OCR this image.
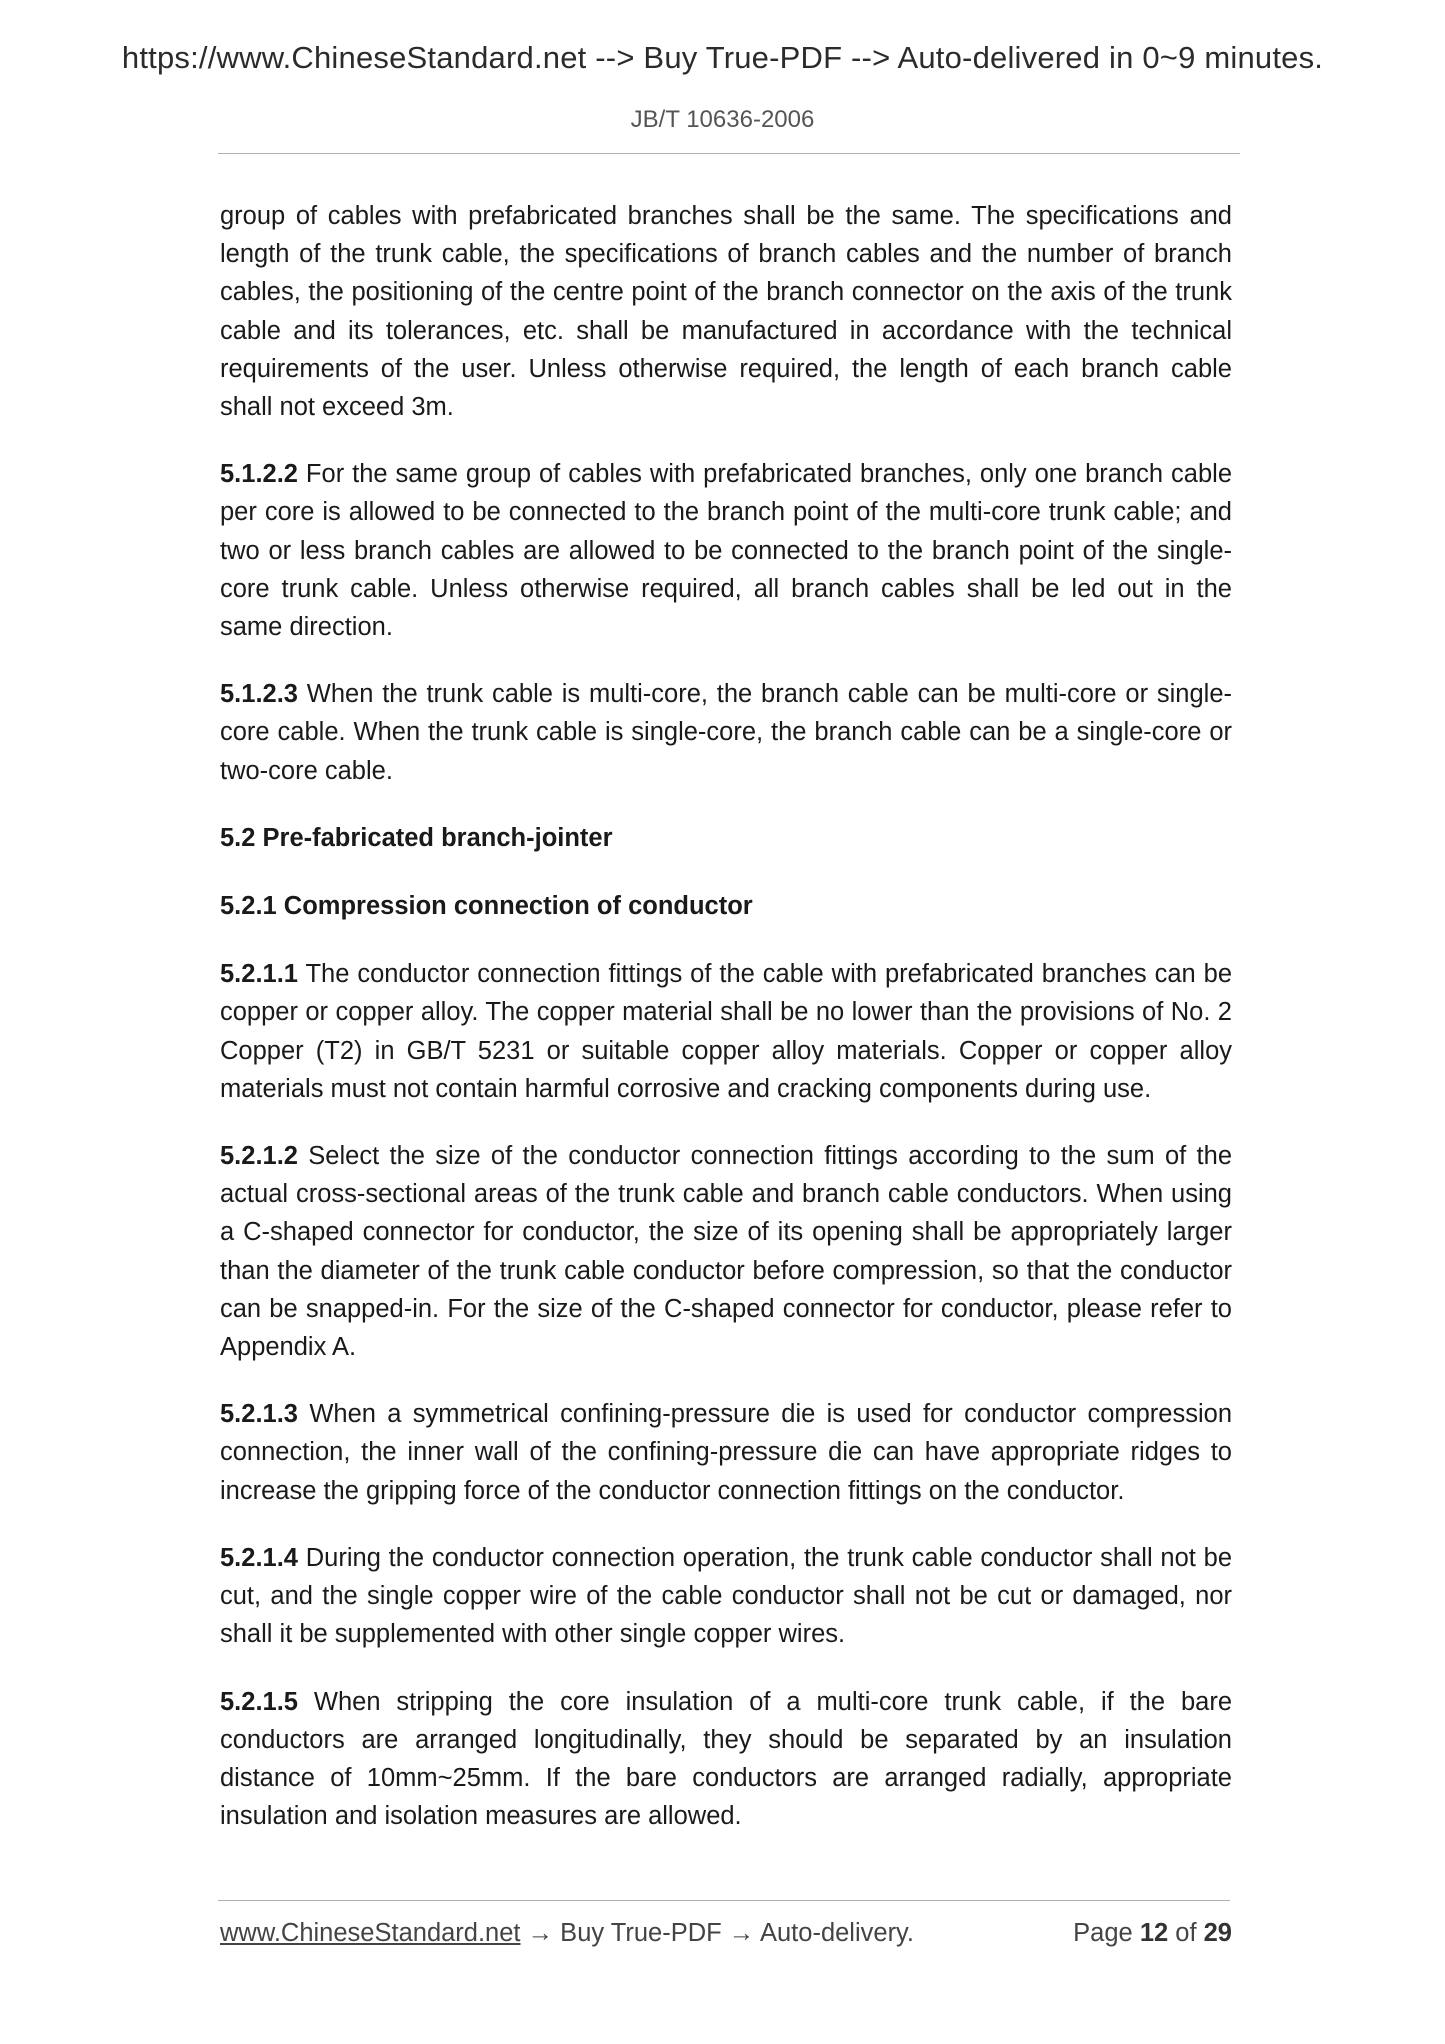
https://www.ChineseStandard.net --> Buy True-PDF --> Auto-delivered in 0~9 minutes.
JB/T 10636-2006

group of cables with prefabricated branches shall be the same. The specifications and length of the trunk cable, the specifications of branch cables and the number of branch cables, the positioning of the centre point of the branch connector on the axis of the trunk cable and its tolerances, etc. shall be manufactured in accordance with the technical requirements of the user. Unless otherwise required, the length of each branch cable shall not exceed 3m.

5.1.2.2 For the same group of cables with prefabricated branches, only one branch cable per core is allowed to be connected to the branch point of the multi-core trunk cable; and two or less branch cables are allowed to be connected to the branch point of the single-core trunk cable. Unless otherwise required, all branch cables shall be led out in the same direction.

5.1.2.3 When the trunk cable is multi-core, the branch cable can be multi-core or single-core cable. When the trunk cable is single-core, the branch cable can be a single-core or two-core cable.

5.2 Pre-fabricated branch-jointer
5.2.1 Compression connection of conductor

5.2.1.1 The conductor connection fittings of the cable with prefabricated branches can be copper or copper alloy. The copper material shall be no lower than the provisions of No. 2 Copper (T2) in GB/T 5231 or suitable copper alloy materials. Copper or copper alloy materials must not contain harmful corrosive and cracking components during use.

5.2.1.2 Select the size of the conductor connection fittings according to the sum of the actual cross-sectional areas of the trunk cable and branch cable conductors. When using a C-shaped connector for conductor, the size of its opening shall be appropriately larger than the diameter of the trunk cable conductor before compression, so that the conductor can be snapped-in. For the size of the C-shaped connector for conductor, please refer to Appendix A.

5.2.1.3 When a symmetrical confining-pressure die is used for conductor compression connection, the inner wall of the confining-pressure die can have appropriate ridges to increase the gripping force of the conductor connection fittings on the conductor.

5.2.1.4 During the conductor connection operation, the trunk cable conductor shall not be cut, and the single copper wire of the cable conductor shall not be cut or damaged, nor shall it be supplemented with other single copper wires.

5.2.1.5 When stripping the core insulation of a multi-core trunk cable, if the bare conductors are arranged longitudinally, they should be separated by an insulation distance of 10mm~25mm. If the bare conductors are arranged radially, appropriate insulation and isolation measures are allowed.

www.ChineseStandard.net → Buy True-PDF → Auto-delivery.	Page 12 of 29
